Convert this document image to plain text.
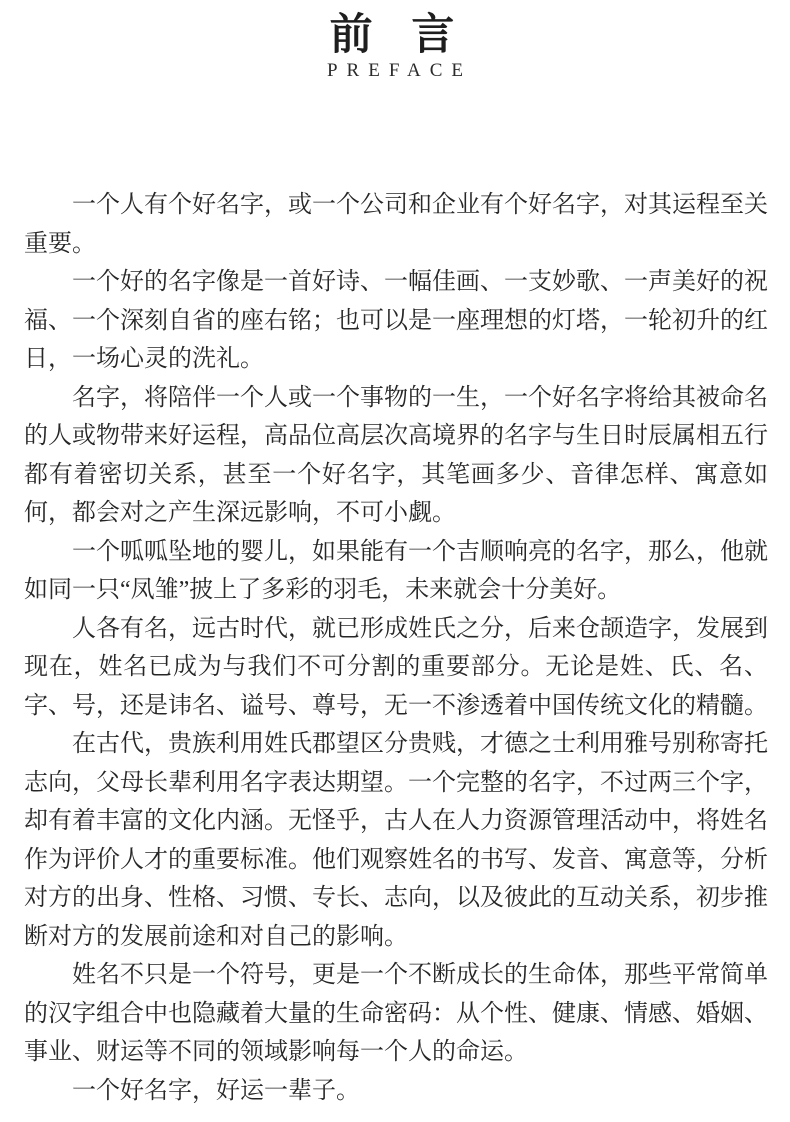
前 言
PREFACE

一个人有个好名字，或一个公司和企业有个好名字，对其运程至关重要。

一个好的名字像是一首好诗、一幅佳画、一支妙歌、一声美好的祝福、一个深刻自省的座右铭；也可以是一座理想的灯塔，一轮初升的红日，一场心灵的洗礼。

名字，将陪伴一个人或一个事物的一生，一个好名字将给其被命名的人或物带来好运程，高品位高层次高境界的名字与生日时辰属相五行都有着密切关系，甚至一个好名字，其笔画多少、音律怎样、寓意如何，都会对之产生深远影响，不可小觑。

一个呱呱坠地的婴儿，如果能有一个吉顺响亮的名字，那么，他就如同一只“凤雏”披上了多彩的羽毛，未来就会十分美好。

人各有名，远古时代，就已形成姓氏之分，后来仓颉造字，发展到现在，姓名已成为与我们不可分割的重要部分。无论是姓、氏、名、字、号，还是讳名、谥号、尊号，无一不渗透着中国传统文化的精髓。

在古代，贵族利用姓氏郡望区分贵贱，才德之士利用雅号别称寄托志向，父母长辈利用名字表达期望。一个完整的名字，不过两三个字，却有着丰富的文化内涵。无怪乎，古人在人力资源管理活动中，将姓名作为评价人才的重要标准。他们观察姓名的书写、发音、寓意等，分析对方的出身、性格、习惯、专长、志向，以及彼此的互动关系，初步推断对方的发展前途和对自己的影响。

姓名不只是一个符号，更是一个不断成长的生命体，那些平常简单的汉字组合中也隐藏着大量的生命密码：从个性、健康、情感、婚姻、事业、财运等不同的领域影响每一个人的命运。

一个好名字，好运一辈子。
